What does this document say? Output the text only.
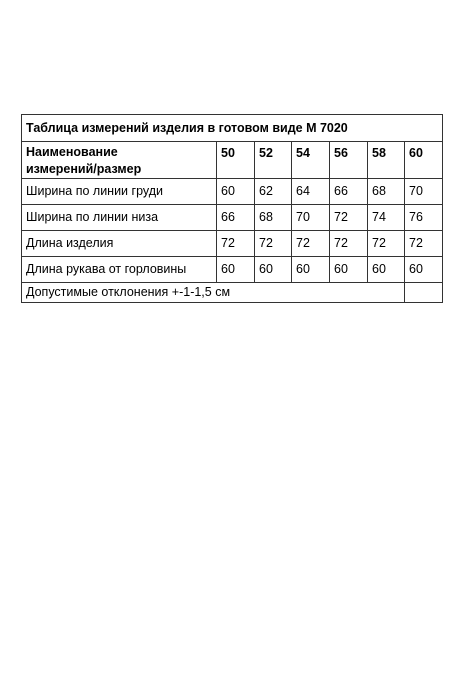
Таблица измерений изделия в готовом виде М 7020						

Наименование
измерений/размер	50	52	54	56	58	60
Ширина по линии груди	60	62	64	66	68	70
Ширина по линии низа	66	68	70	72	74	76
Длина изделия	72	72	72	72	72	72
Длина рукава от горловины	60	60	60	60	60	60
Допустимые отклонения +-1-1,5 см						
